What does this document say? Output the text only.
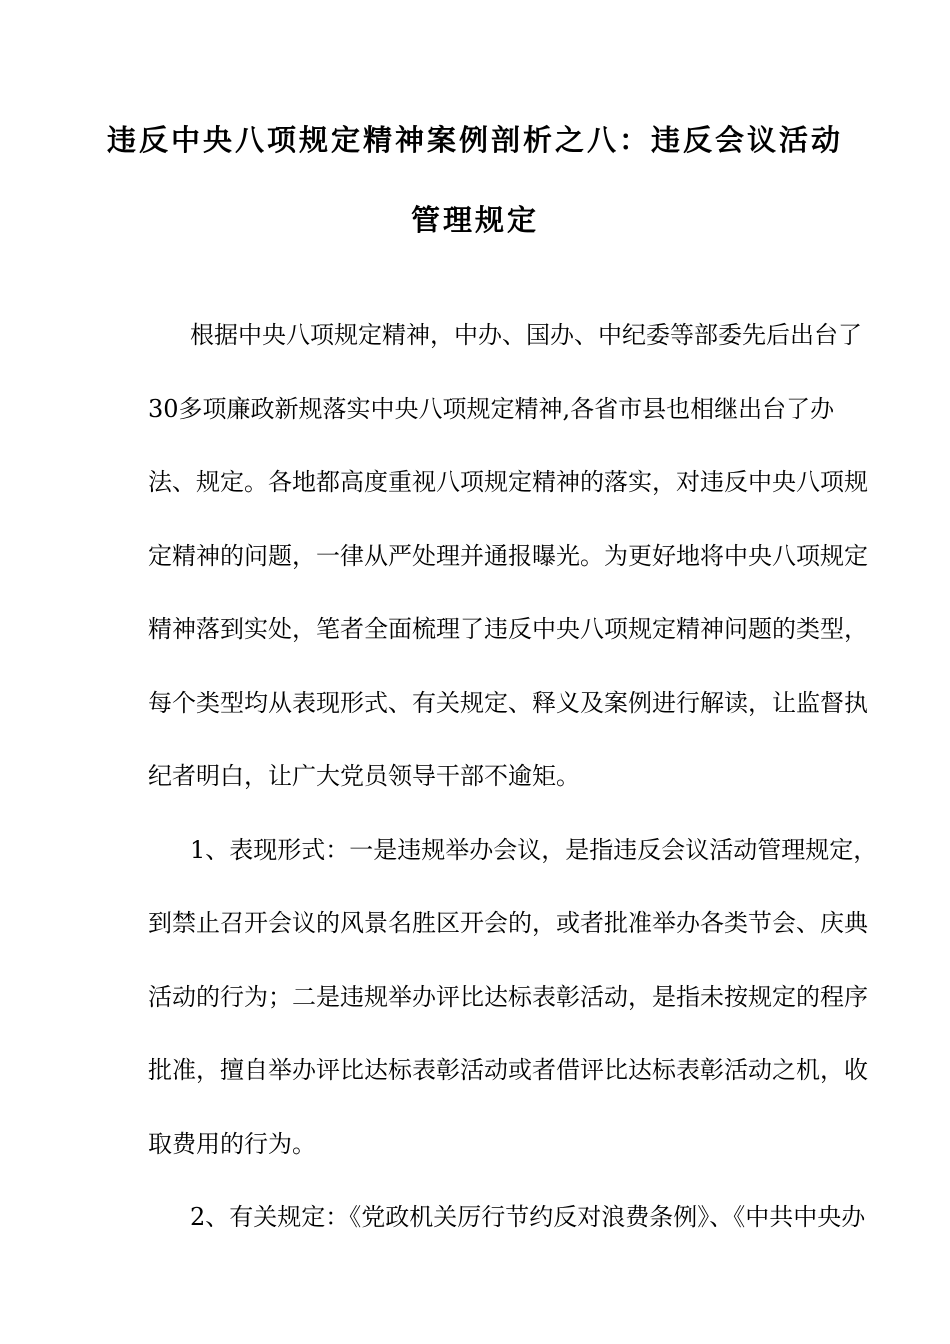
违反中央八项规定精神案例剖析之八：违反会议活动
管理规定
根据中央八项规定精神，中办、国办、中纪委等部委先后出台了
30多项廉政新规落实中央八项规定精神,各省市县也相继出台了办
法、规定。各地都高度重视八项规定精神的落实，对违反中央八项规
定精神的问题，一律从严处理并通报曝光。为更好地将中央八项规定
精神落到实处，笔者全面梳理了违反中央八项规定精神问题的类型，
每个类型均从表现形式、有关规定、释义及案例进行解读，让监督执
纪者明白，让广大党员领导干部不逾矩。
1、表现形式：一是违规举办会议，是指违反会议活动管理规定，
到禁止召开会议的风景名胜区开会的，或者批准举办各类节会、庆典
活动的行为；二是违规举办评比达标表彰活动，是指未按规定的程序
批准，擅自举办评比达标表彰活动或者借评比达标表彰活动之机，收
取费用的行为。
2、有关规定：《党政机关厉行节约反对浪费条例》、《中共中央办
